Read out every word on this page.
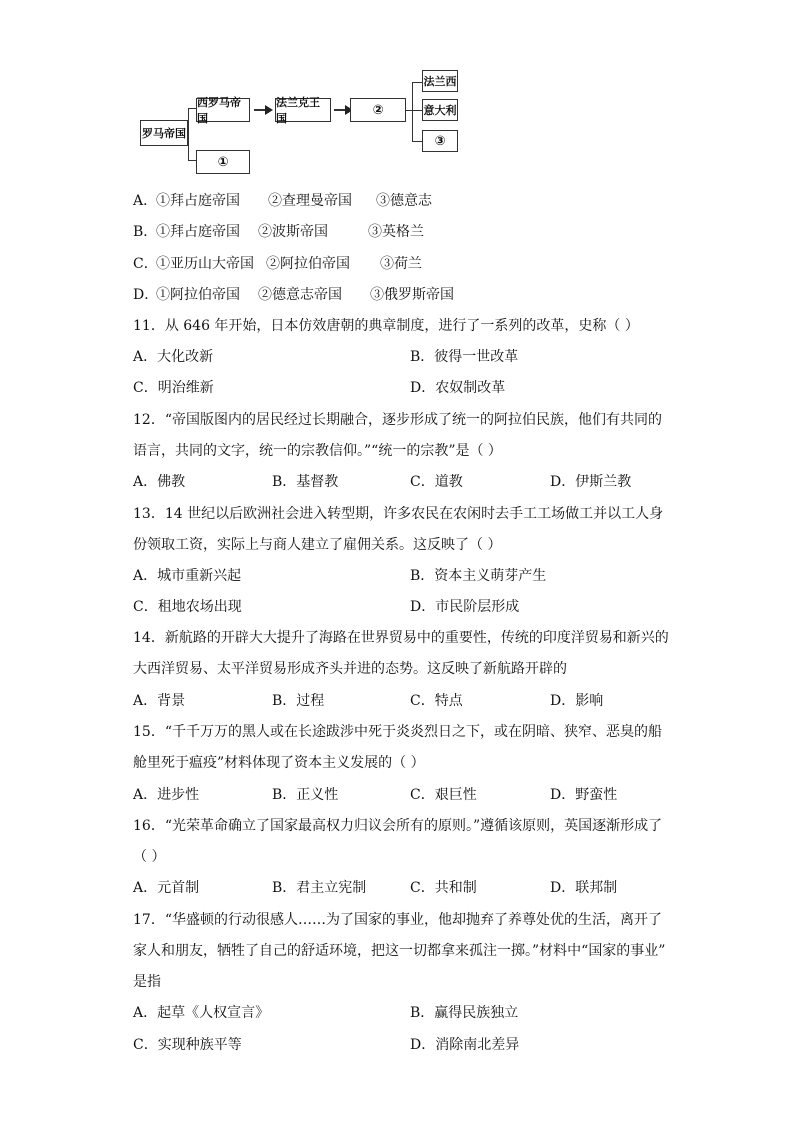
罗马帝国
西罗马帝国
①
法兰克王国
②
法兰西
意大利
③
A．
①拜占庭帝国 ②查理曼帝国 ③德意志
B．
①拜占庭帝国 ②波斯帝国	③英格兰
C．
①亚历山大帝国 ②阿拉伯帝国 ③荷兰
D．
①阿拉伯帝国 ②德意志帝国 ③俄罗斯帝国
11．从 646 年开始，日本仿效唐朝的典章制度，进行了一系列的改革，史称（ ）
A．大化改新	B．彼得一世改革
C．明治维新	D．农奴制改革
12．“帝国版图内的居民经过长期融合，逐步形成了统一的阿拉伯民族，他们有共同的
语言，共同的文字，统一的宗教信仰。”“统一的宗教”是（ ）
A．佛教	B．基督教	C．道教	D．伊斯兰教
13．14 世纪以后欧洲社会进入转型期，许多农民在农闲时去手工工场做工并以工人身
份领取工资，实际上与商人建立了雇佣关系。这反映了（ ）
A．城市重新兴起	B．资本主义萌芽产生
C．租地农场出现	D．市民阶层形成
14．新航路的开辟大大提升了海路在世界贸易中的重要性，传统的印度洋贸易和新兴的
大西洋贸易、太平洋贸易形成齐头并进的态势。这反映了新航路开辟的
A．背景	B．过程	C．特点	D．影响
15．“千千万万的黑人或在长途跋涉中死于炎炎烈日之下，或在阴暗、狭窄、恶臭的船
舱里死于瘟疫”材料体现了资本主义发展的（ ）
A．进步性	B．正义性	C．艰巨性	D．野蛮性
16．“光荣革命确立了国家最高权力归议会所有的原则。”遵循该原则，英国逐渐形成了
（ ）
A．元首制	B．君主立宪制	C．共和制	D．联邦制
17．“华盛顿的行动很感人……为了国家的事业，他却抛弃了养尊处优的生活，离开了
家人和朋友，牺牲了自己的舒适环境，把这一切都拿来孤注一掷。”材料中“国家的事业”
是指
A．起草《人权宣言》	B．赢得民族独立
C．实现种族平等	D．消除南北差异
